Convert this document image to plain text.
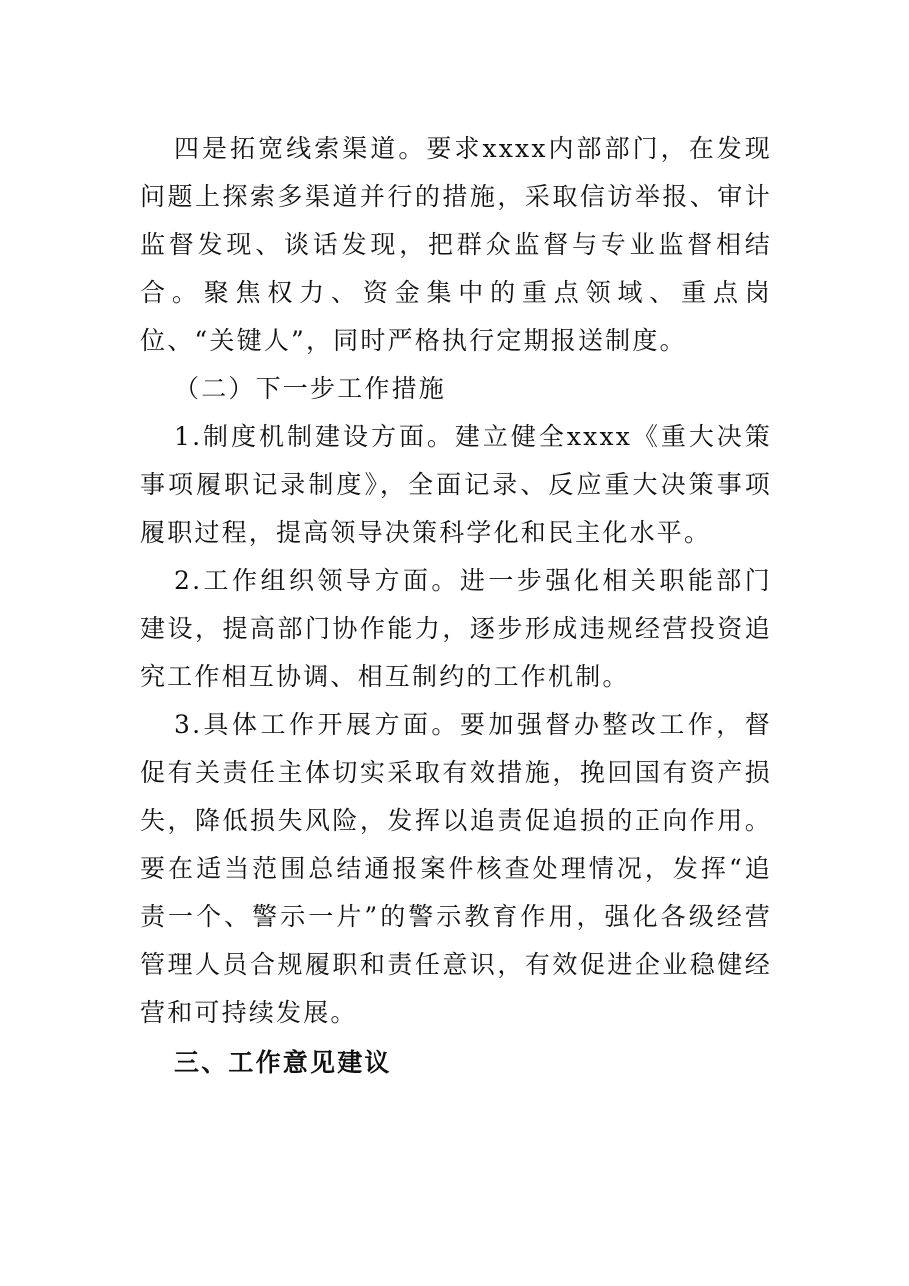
四是拓宽线索渠道。要求xxxx内部部门，在发现问题上探索多渠道并行的措施，采取信访举报、审计监督发现、谈话发现，把群众监督与专业监督相结合。聚焦权力、资金集中的重点领域、重点岗位、“关键人”，同时严格执行定期报送制度。

（二）下一步工作措施

1.制度机制建设方面。建立健全xxxx《重大决策事项履职记录制度》，全面记录、反应重大决策事项履职过程，提高领导决策科学化和民主化水平。

2.工作组织领导方面。进一步强化相关职能部门建设，提高部门协作能力，逐步形成违规经营投资追究工作相互协调、相互制约的工作机制。

3.具体工作开展方面。要加强督办整改工作，督促有关责任主体切实采取有效措施，挽回国有资产损失，降低损失风险，发挥以追责促追损的正向作用。要在适当范围总结通报案件核查处理情况，发挥“追责一个、警示一片”的警示教育作用，强化各级经营管理人员合规履职和责任意识，有效促进企业稳健经营和可持续发展。

三、工作意见建议
